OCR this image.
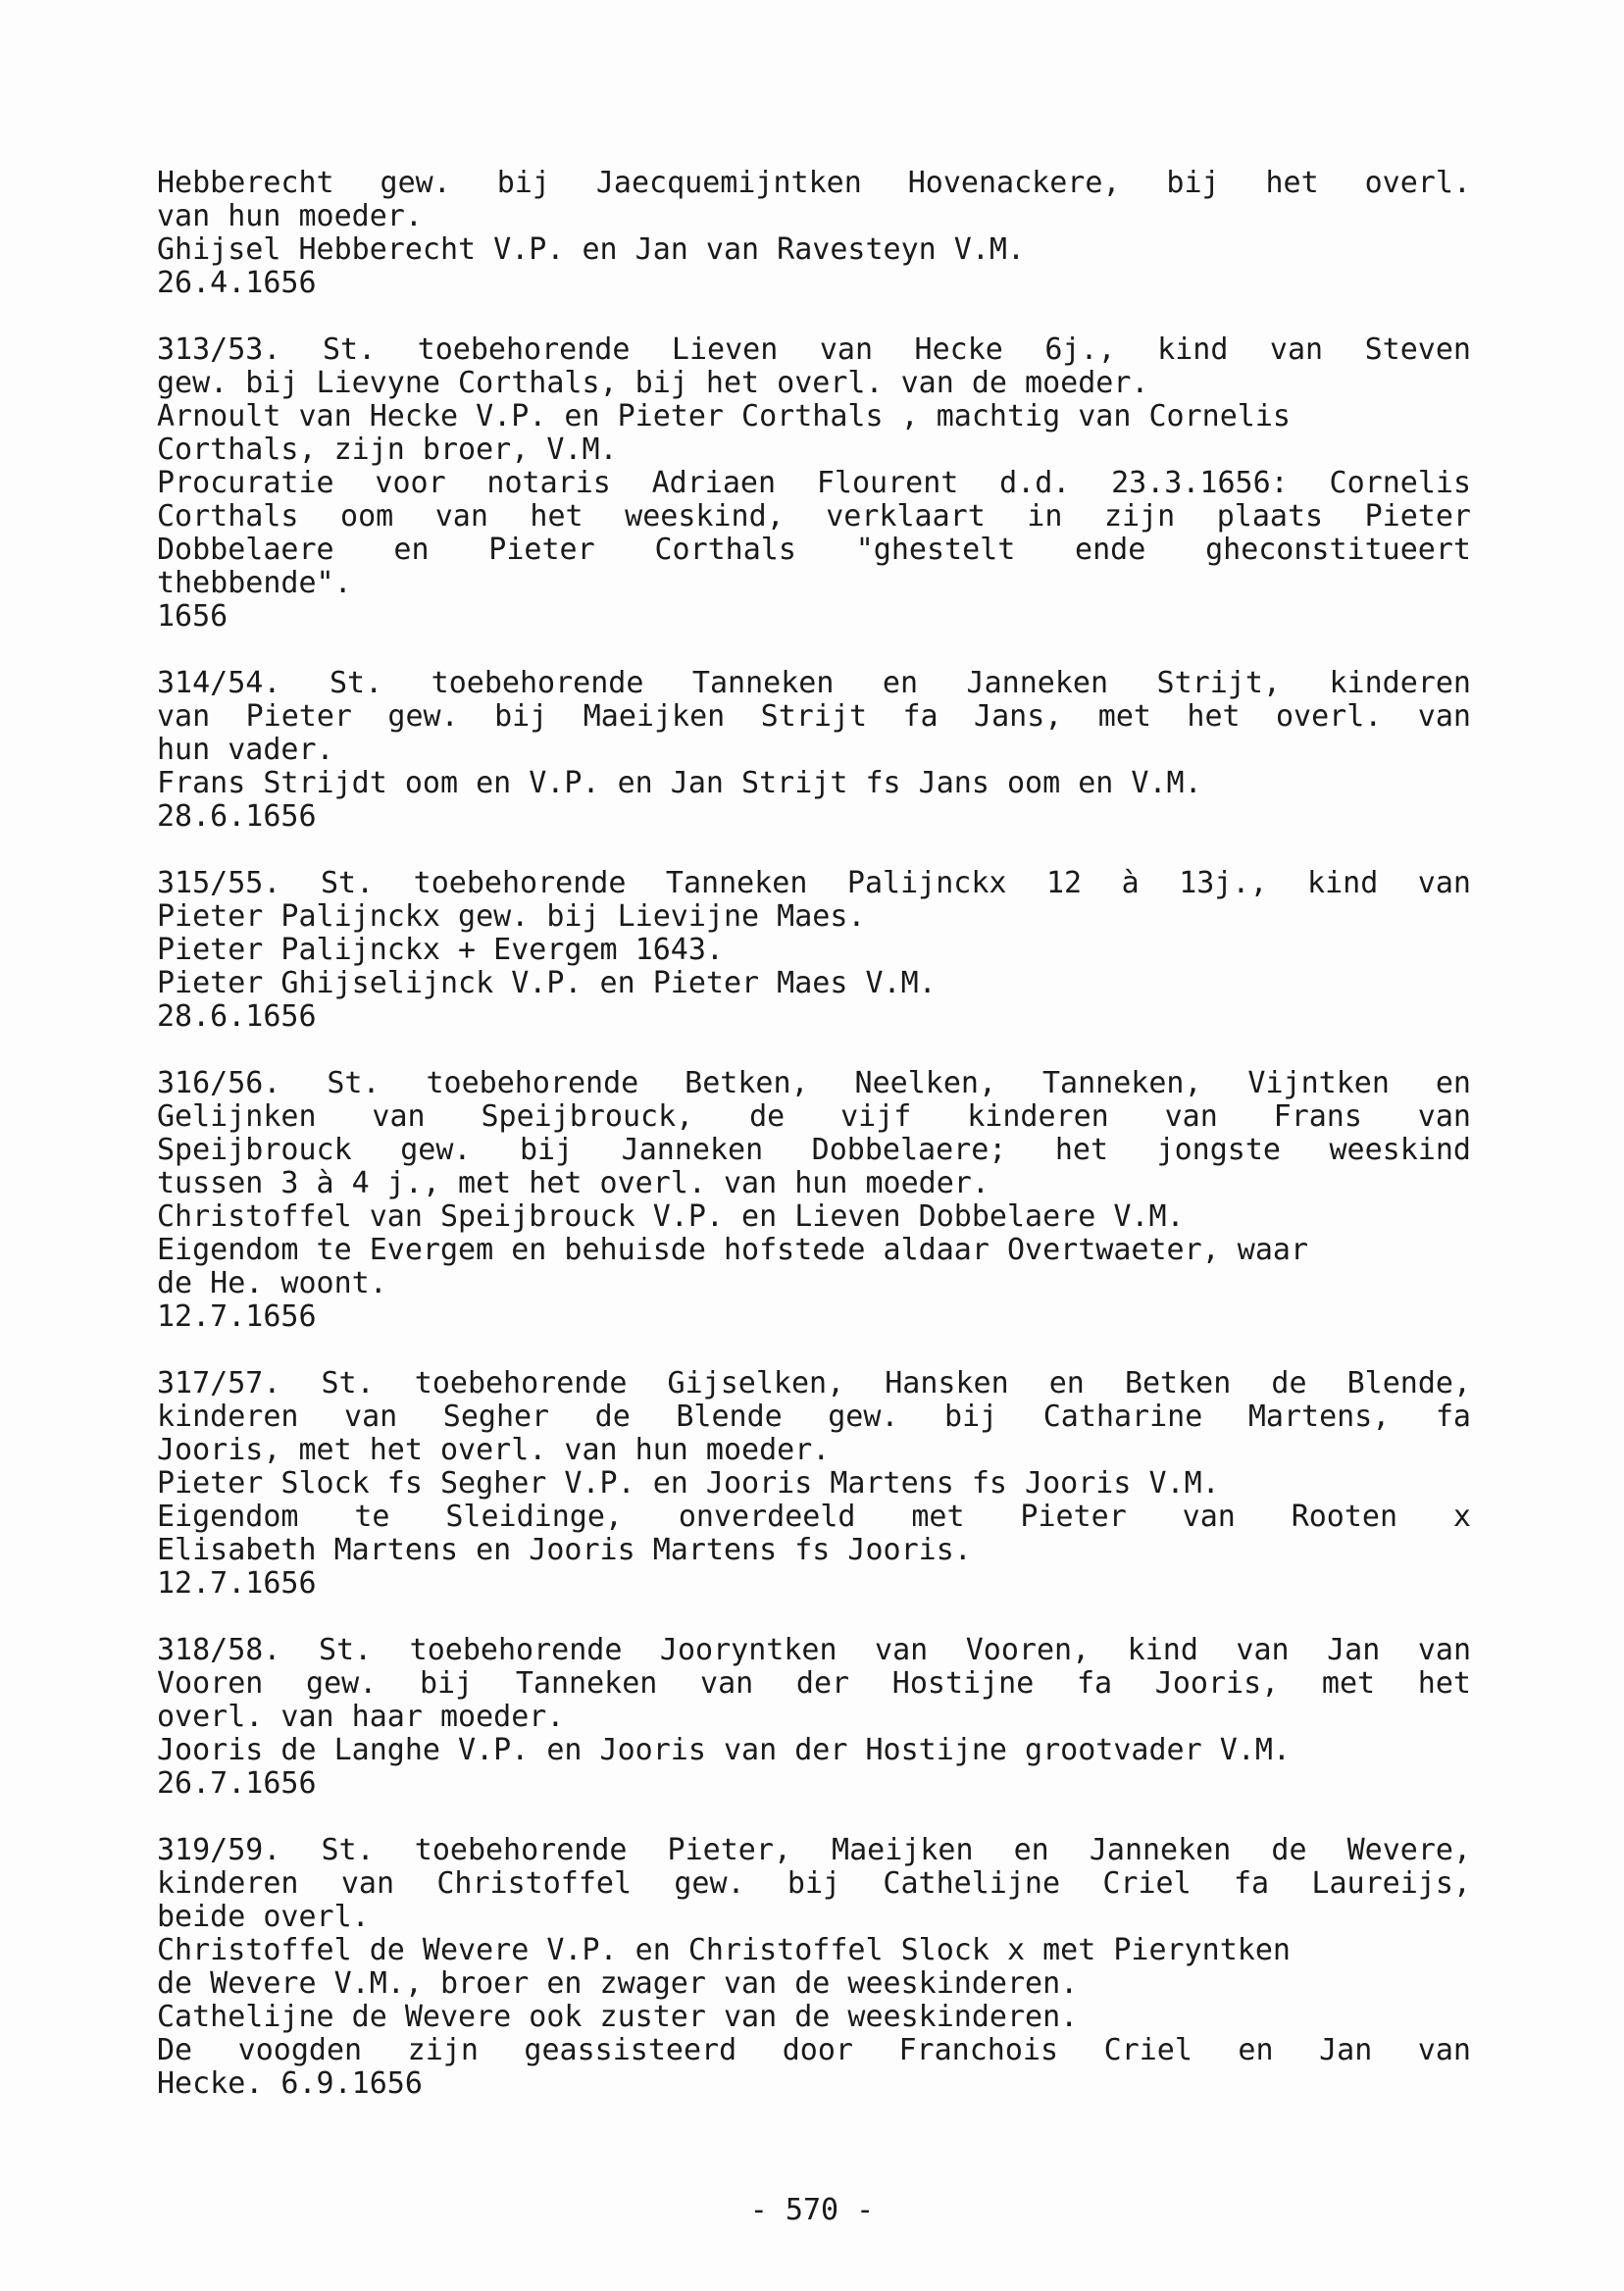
Hebberecht gew. bij Jaecquemijntken Hovenackere, bij het overl.
van hun moeder.
Ghijsel Hebberecht V.P. en Jan van Ravesteyn V.M.
26.4.1656
313/53. St. toebehorende Lieven van Hecke 6j., kind van Steven
gew. bij Lievyne Corthals, bij het overl. van de moeder.
Arnoult van Hecke V.P. en Pieter Corthals , machtig van Cornelis
Corthals, zijn broer, V.M.
Procuratie voor notaris Adriaen Flourent d.d. 23.3.1656: Cornelis
Corthals oom van het weeskind, verklaart in zijn plaats Pieter
Dobbelaere en Pieter Corthals "ghestelt ende gheconstitueert
thebbende".
1656
314/54. St. toebehorende Tanneken en Janneken Strijt, kinderen
van Pieter gew. bij Maeijken Strijt fa Jans, met het overl. van
hun vader.
Frans Strijdt oom en V.P. en Jan Strijt fs Jans oom en V.M.
28.6.1656
315/55. St. toebehorende Tanneken Palijnckx 12 à 13j., kind van
Pieter Palijnckx gew. bij Lievijne Maes.
Pieter Palijnckx + Evergem 1643.
Pieter Ghijselijnck V.P. en Pieter Maes V.M.
28.6.1656
316/56. St. toebehorende Betken, Neelken, Tanneken, Vijntken en
Gelijnken van Speijbrouck, de vijf kinderen van Frans van
Speijbrouck gew. bij Janneken Dobbelaere; het jongste weeskind
tussen 3 à 4 j., met het overl. van hun moeder.
Christoffel van Speijbrouck V.P. en Lieven Dobbelaere V.M.
Eigendom te Evergem en behuisde hofstede aldaar Overtwaeter, waar
de He. woont.
12.7.1656
317/57. St. toebehorende Gijselken, Hansken en Betken de Blende,
kinderen van Segher de Blende gew. bij Catharine Martens, fa
Jooris, met het overl. van hun moeder.
Pieter Slock fs Segher V.P. en Jooris Martens fs Jooris V.M.
Eigendom te Sleidinge, onverdeeld met Pieter van Rooten x
Elisabeth Martens en Jooris Martens fs Jooris.
12.7.1656
318/58. St. toebehorende Jooryntken van Vooren, kind van Jan van
Vooren gew. bij Tanneken van der Hostijne fa Jooris, met het
overl. van haar moeder.
Jooris de Langhe V.P. en Jooris van der Hostijne grootvader V.M.
26.7.1656
319/59. St. toebehorende Pieter, Maeijken en Janneken de Wevere,
kinderen van Christoffel gew. bij Cathelijne Criel fa Laureijs,
beide overl.
Christoffel de Wevere V.P. en Christoffel Slock x met Pieryntken
de Wevere V.M., broer en zwager van de weeskinderen.
Cathelijne de Wevere ook zuster van de weeskinderen.
De voogden zijn geassisteerd door Franchois Criel en Jan van
Hecke. 6.9.1656
- 570 -
